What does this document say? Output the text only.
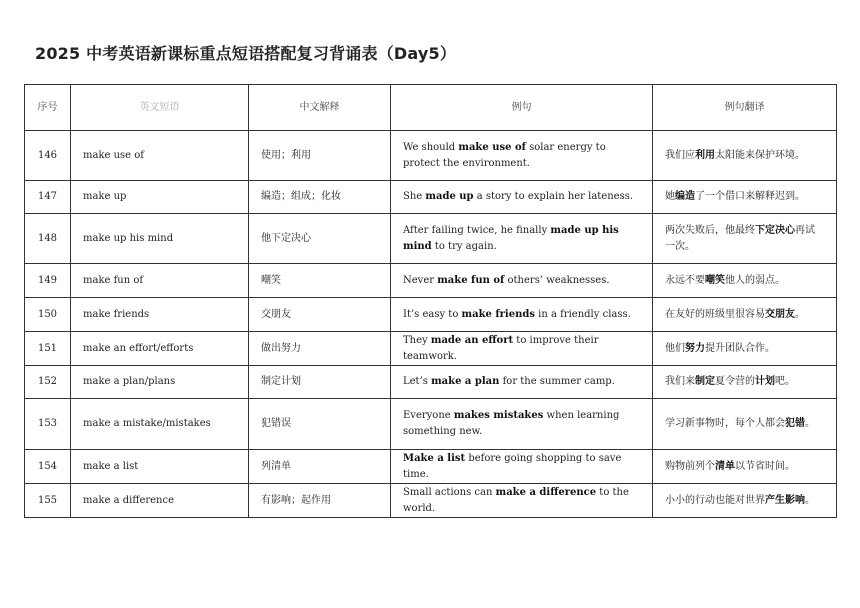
2025 中考英语新课标重点短语搭配复习背诵表（Day5）
序号	英文短语	中文解释	例句	例句翻译
146	make use of	使用；利用	We should make use of solar energy to protect the environment.	我们应利用太阳能来保护环境。
147	make up	编造；组成；化妆	She made up a story to explain her lateness.	她编造了一个借口来解释迟到。
148	make up his mind	他下定决心	After failing twice, he finally made up his mind to try again.	两次失败后，他最终下定决心再试一次。
149	make fun of	嘲笑	Never make fun of others’ weaknesses.	永远不要嘲笑他人的弱点。
150	make friends	交朋友	It’s easy to make friends in a friendly class.	在友好的班级里很容易交朋友。
151	make an effort/efforts	做出努力	They made an effort to improve their teamwork.	他们努力提升团队合作。
152	make a plan/plans	制定计划	Let’s make a plan for the summer camp.	我们来制定夏令营的计划吧。
153	make a mistake/mistakes	犯错误	Everyone makes mistakes when learning something new.	学习新事物时，每个人都会犯错。
154	make a list	列清单	Make a list before going shopping to save time.	购物前列个清单以节省时间。
155	make a difference	有影响；起作用	Small actions can make a difference to the world.	小小的行动也能对世界产生影响。
